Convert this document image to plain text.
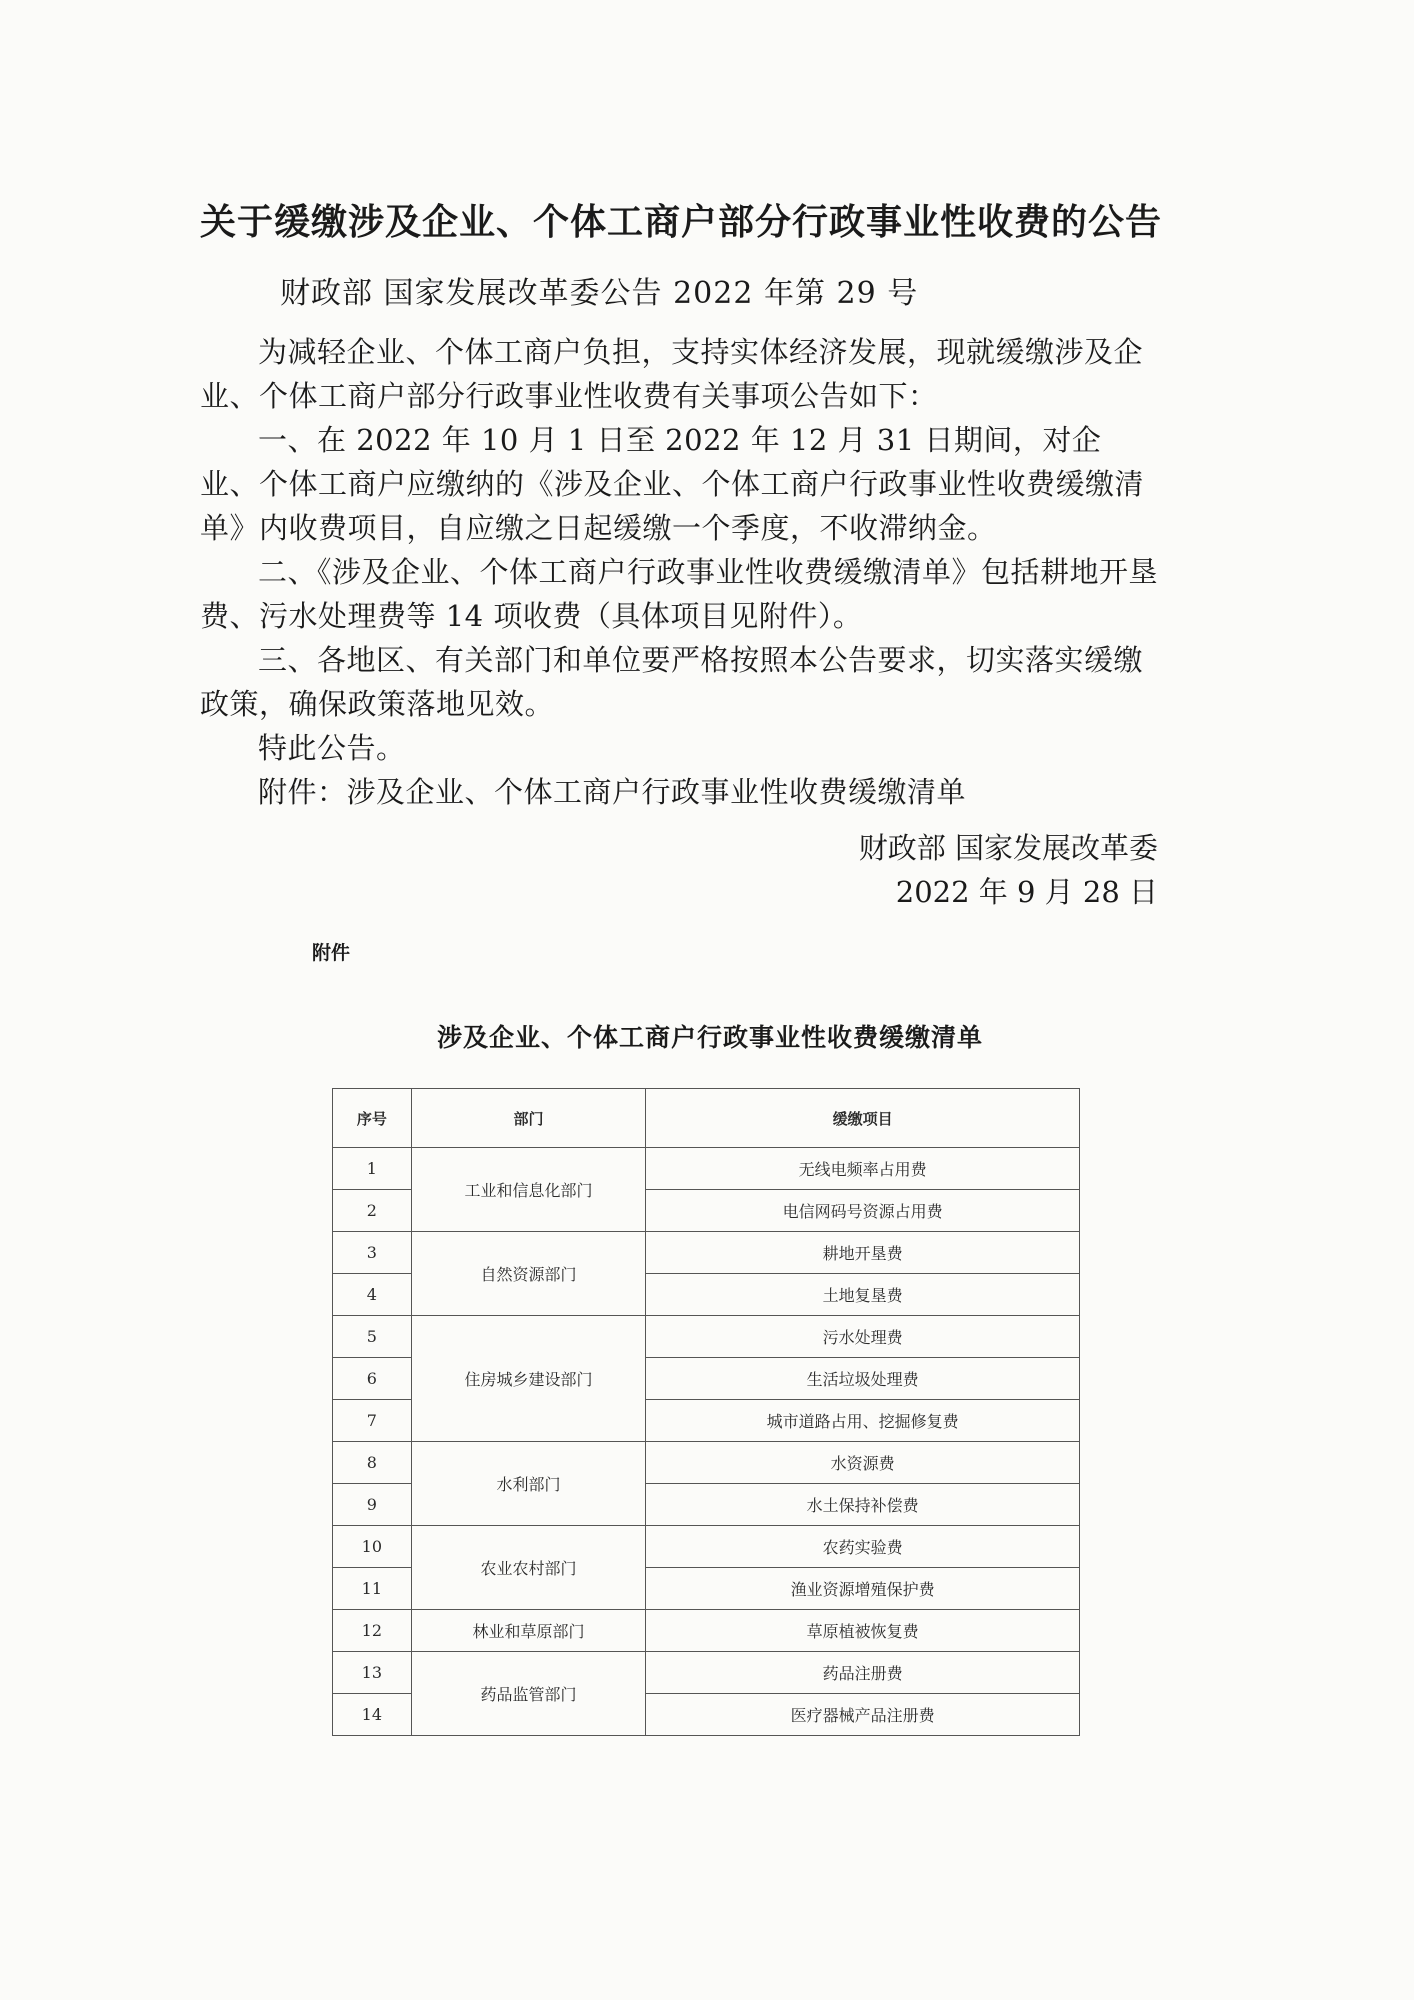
关于缓缴涉及企业、个体工商户部分行政事业性收费的公告
财政部 国家发展改革委公告 2022 年第 29 号

为减轻企业、个体工商户负担，支持实体经济发展，现就缓缴涉及企业、个体工商户部分行政事业性收费有关事项公告如下：

一、在 2022 年 10 月 1 日至 2022 年 12 月 31 日期间，对企业、个体工商户应缴纳的《涉及企业、个体工商户行政事业性收费缓缴清单》内收费项目，自应缴之日起缓缴一个季度，不收滞纳金。

二、《涉及企业、个体工商户行政事业性收费缓缴清单》包括耕地开垦费、污水处理费等 14 项收费（具体项目见附件）。

三、各地区、有关部门和单位要严格按照本公告要求，切实落实缓缴政策，确保政策落地见效。

特此公告。

附件：涉及企业、个体工商户行政事业性收费缓缴清单

财政部 国家发展改革委
2022 年 9 月 28 日
附件
涉及企业、个体工商户行政事业性收费缓缴清单
序号	部门	缓缴项目
1	工业和信息化部门	无线电频率占用费
2		电信网码号资源占用费
3	自然资源部门	耕地开垦费
4		土地复垦费
5	住房城乡建设部门	污水处理费
6		生活垃圾处理费
7		城市道路占用、挖掘修复费
8	水利部门	水资源费
9		水土保持补偿费
10	农业农村部门	农药实验费
11		渔业资源增殖保护费
12	林业和草原部门	草原植被恢复费
13	药品监管部门	药品注册费
14		医疗器械产品注册费
